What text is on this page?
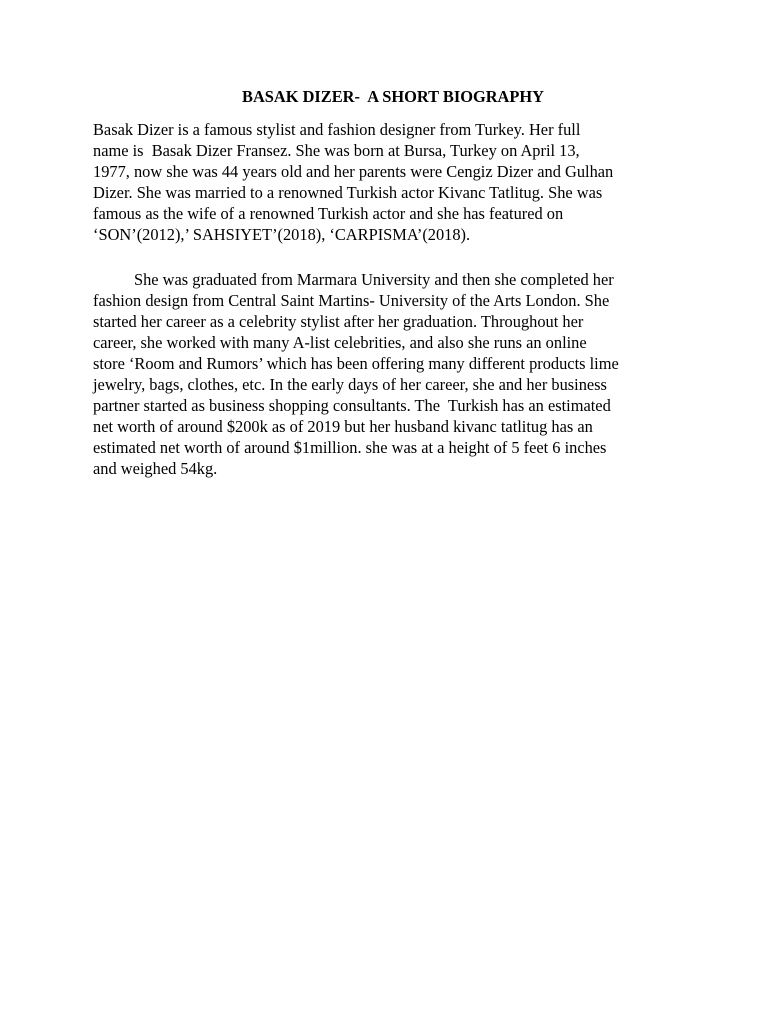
BASAK DIZER-  A SHORT BIOGRAPHY
Basak Dizer is a famous stylist and fashion designer from Turkey. Her full
name is  Basak Dizer Fransez. She was born at Bursa, Turkey on April 13,
1977, now she was 44 years old and her parents were Cengiz Dizer and Gulhan
Dizer. She was married to a renowned Turkish actor Kivanc Tatlitug. She was
famous as the wife of a renowned Turkish actor and she has featured on
‘SON’(2012),’ SAHSIYET’(2018), ‘CARPISMA’(2018).
She was graduated from Marmara University and then she completed her
fashion design from Central Saint Martins- University of the Arts London. She
started her career as a celebrity stylist after her graduation. Throughout her
career, she worked with many A-list celebrities, and also she runs an online
store ‘Room and Rumors’ which has been offering many different products lime
jewelry, bags, clothes, etc. In the early days of her career, she and her business
partner started as business shopping consultants. The  Turkish has an estimated
net worth of around $200k as of 2019 but her husband kivanc tatlitug has an
estimated net worth of around $1million. she was at a height of 5 feet 6 inches
and weighed 54kg.
